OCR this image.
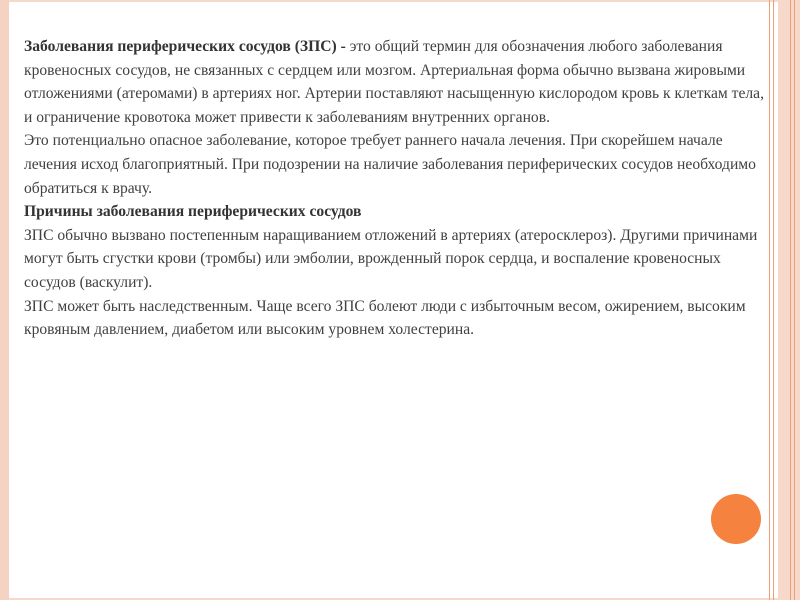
Заболевания периферических сосудов (ЗПС) - это общий термин для обозначения любого заболевания кровеносных сосудов, не связанных с сердцем или мозгом. Артериальная форма обычно вызвана жировыми отложениями (атеромами) в артериях ног. Артерии поставляют насыщенную кислородом кровь к клеткам тела, и ограничение кровотока может привести к заболеваниям внутренних органов.

Это потенциально опасное заболевание, которое требует раннего начала лечения. При скорейшем начале лечения исход благоприятный. При подозрении на наличие заболевания периферических сосудов необходимо обратиться к врачу.

Причины заболевания периферических сосудов

ЗПС обычно вызвано постепенным наращиванием отложений в артериях (атеросклероз). Другими причинами могут быть сгустки крови (тромбы) или эмболии, врожденный порок сердца, и воспаление кровеносных сосудов (васкулит).

ЗПС может быть наследственным. Чаще всего ЗПС болеют люди с избыточным весом, ожирением, высоким кровяным давлением, диабетом или высоким уровнем холестерина.
